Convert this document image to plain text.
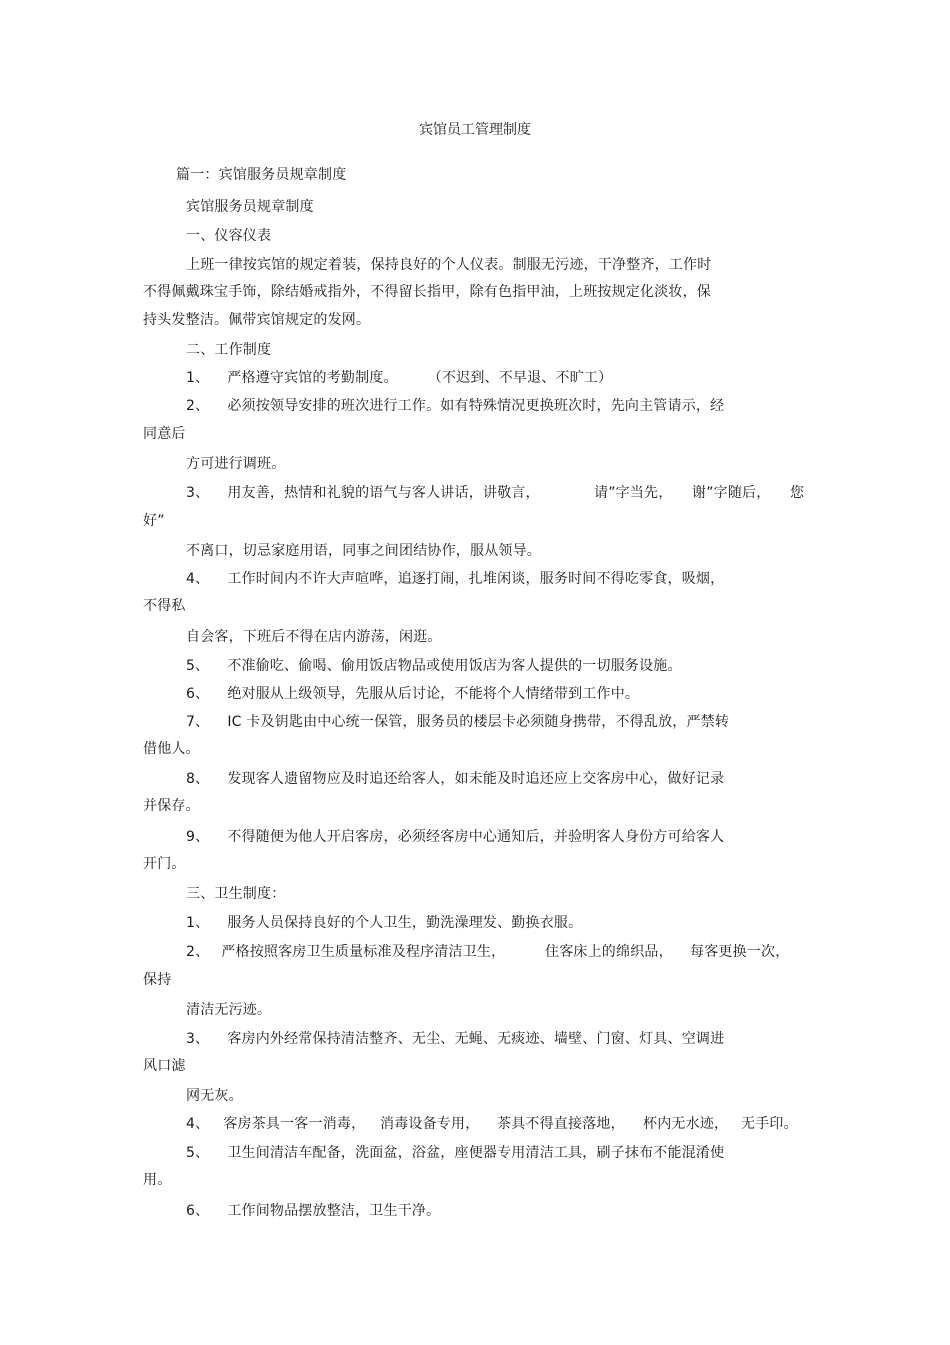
宾馆员工管理制度
篇一：宾馆服务员规章制度
宾馆服务员规章制度
一、仪容仪表
上班一律按宾馆的规定着装，保持良好的个人仪表。制服无污迹，干净整齐，工作时
不得佩戴珠宝手饰，除结婚戒指外，不得留长指甲，除有色指甲油，上班按规定化淡妆，保
持头发整洁。佩带宾馆规定的发网。
二、工作制度
1、 严格遵守宾馆的考勤制度。 （不迟到、不早退、不旷工）
2、 必须按领导安排的班次进行工作。如有特殊情况更换班次时，先向主管请示，经
同意后
方可进行调班。
3、 用友善，热情和礼貌的语气与客人讲话，讲敬言，	请”字当先， 谢”字随后， 您
好”
不离口，切忌家庭用语，同事之间团结协作，服从领导。
4、 工作时间内不许大声喧哗，追逐打闹，扎堆闲谈，服务时间不得吃零食，吸烟，
不得私
自会客，下班后不得在店内游荡，闲逛。
5、 不准偷吃、偷喝、偷用饭店物品或使用饭店为客人提供的一切服务设施。
6、 绝对服从上级领导，先服从后讨论，不能将个人情绪带到工作中。
7、 IC 卡及钥匙由中心统一保管，服务员的楼层卡必须随身携带，不得乱放，严禁转
借他人。
8、 发现客人遗留物应及时追还给客人，如未能及时追还应上交客房中心，做好记录
并保存。
9、 不得随便为他人开启客房，必须经客房中心通知后，并验明客人身份方可给客人
开门。
三、卫生制度：
1、 服务人员保持良好的个人卫生，勤洗澡理发、勤换衣服。
2、 严格按照客房卫生质量标准及程序清洁卫生，	住客床上的绵织品， 每客更换一次，
保持
清洁无污迹。
3、 客房内外经常保持清洁整齐、无尘、无蝇、无痰迹、墙壁、门窗、灯具、空调进
风口滤
网无灰。
4、 客房茶具一客一消毒， 消毒设备专用， 茶具不得直接落地， 杯内无水迹， 无手印。
5、 卫生间清洁车配备，洗面盆，浴盆，座便器专用清洁工具，刷子抹布不能混淆使
用。
6、 工作间物品摆放整洁，卫生干净。
